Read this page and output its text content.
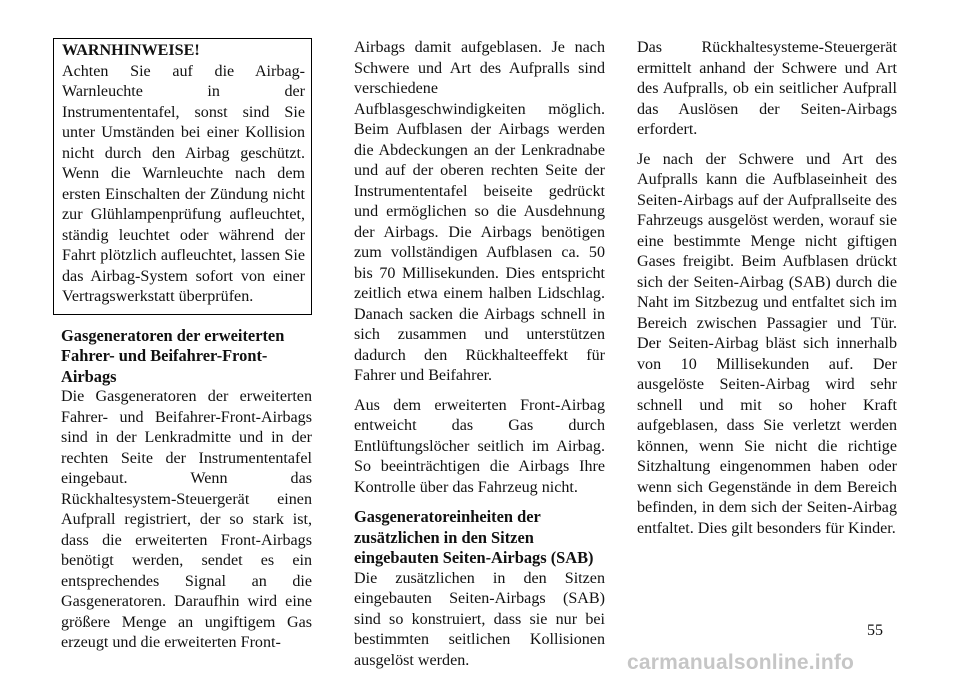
WARNHINWEISE!

Achten Sie auf die Airbag-Warnleuchte in der Instrumententafel, sonst sind Sie unter Umständen bei einer Kollision nicht durch den Airbag geschützt. Wenn die Warnleuchte nach dem ersten Einschalten der Zündung nicht zur Glühlampenprüfung aufleuchtet, ständig leuchtet oder während der Fahrt plötzlich aufleuchtet, lassen Sie das Airbag-System sofort von einer Vertragswerkstatt überprüfen.

Gasgeneratoren der erweiterten Fahrer- und Beifahrer-Front-Airbags

Die Gasgeneratoren der erweiterten Fahrer- und Beifahrer-Front-Airbags sind in der Lenkradmitte und in der rechten Seite der Instrumententafel eingebaut. Wenn das Rückhaltesystem-Steuergerät einen Aufprall registriert, der so stark ist, dass die erweiterten Front-Airbags benötigt werden, sendet es ein entsprechendes Signal an die Gasgeneratoren. Daraufhin wird eine größere Menge an ungiftigem Gas erzeugt und die erweiterten Front-

Airbags damit aufgeblasen. Je nach Schwere und Art des Aufpralls sind verschiedene Aufblasgeschwindigkeiten möglich. Beim Aufblasen der Airbags werden die Abdeckungen an der Lenkradnabe und auf der oberen rechten Seite der Instrumententafel beiseite gedrückt und ermöglichen so die Ausdehnung der Airbags. Die Airbags benötigen zum vollständigen Aufblasen ca. 50 bis 70 Millisekunden. Dies entspricht zeitlich etwa einem halben Lidschlag. Danach sacken die Airbags schnell in sich zusammen und unterstützen dadurch den Rückhalteeffekt für Fahrer und Beifahrer.

Aus dem erweiterten Front-Airbag entweicht das Gas durch Entlüftungslöcher seitlich im Airbag. So beeinträchtigen die Airbags Ihre Kontrolle über das Fahrzeug nicht.

Gasgeneratoreinheiten der zusätzlichen in den Sitzen eingebauten Seiten-Airbags (SAB)

Die zusätzlichen in den Sitzen eingebauten Seiten-Airbags (SAB) sind so konstruiert, dass sie nur bei bestimmten seitlichen Kollisionen ausgelöst werden.

Das Rückhaltesysteme-Steuergerät ermittelt anhand der Schwere und Art des Aufpralls, ob ein seitlicher Aufprall das Auslösen der Seiten-Airbags erfordert.

Je nach der Schwere und Art des Aufpralls kann die Aufblaseinheit des Seiten-Airbags auf der Aufprallseite des Fahrzeugs ausgelöst werden, worauf sie eine bestimmte Menge nicht giftigen Gases freigibt. Beim Aufblasen drückt sich der Seiten-Airbag (SAB) durch die Naht im Sitzbezug und entfaltet sich im Bereich zwischen Passagier und Tür. Der Seiten-Airbag bläst sich innerhalb von 10 Millisekunden auf. Der ausgelöste Seiten-Airbag wird sehr schnell und mit so hoher Kraft aufgeblasen, dass Sie verletzt werden können, wenn Sie nicht die richtige Sitzhaltung eingenommen haben oder wenn sich Gegenstände in dem Bereich befinden, in dem sich der Seiten-Airbag entfaltet. Dies gilt besonders für Kinder.

55
carmanualsonline.info
